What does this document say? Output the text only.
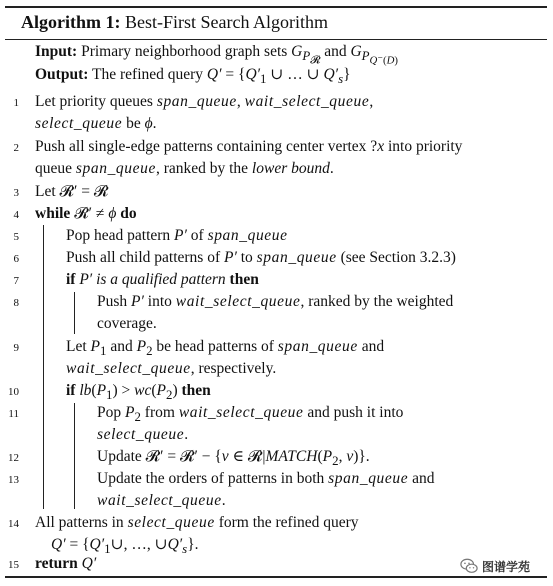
Algorithm 1: Best-First Search Algorithm
Input: Primary neighborhood graph sets $G_{P_𝓡}$ and $G_{P_{Q^-(D)}}$
Output: The refined query $Q' = \{Q'_1$ ∪ … ∪ $Q'_s$}
1 Let priority queues span_queue, wait_select_queue,
select_queue be ϕ.
2 Push all single-edge patterns containing center vertex ?x into priority
queue span_queue, ranked by the lower bound.
3 Let 𝓡′ = 𝓡
4 while 𝓡′ ≠ ϕ do
5	Pop head pattern P′ of span_queue
6	Push all child patterns of P′ to span_queue (see Section 3.2.3)
7	if P′ is a qualified pattern then
8	Push P′ into wait_select_queue, ranked by the weighted
coverage.
9	Let $P_1$ and $P_2$ be head patterns of span_queue and
wait_select_queue, respectively.
10	if $lb(P_1) > wc(P_2)$ then
11	Pop $P_2$ from wait_select_queue and push it into
select_queue.
12	Update 𝓡′ = 𝓡′ − {v ∈ $𝓡|MATCH(P_2$, v)}.
13	Update the orders of patterns in both span_queue and
wait_select_queue.
14 All patterns in select_queue form the refined query
$Q' = \{Q'_1\cup$, …, $\cup Q'_s$}.
15 return Q′	图谱学苑
